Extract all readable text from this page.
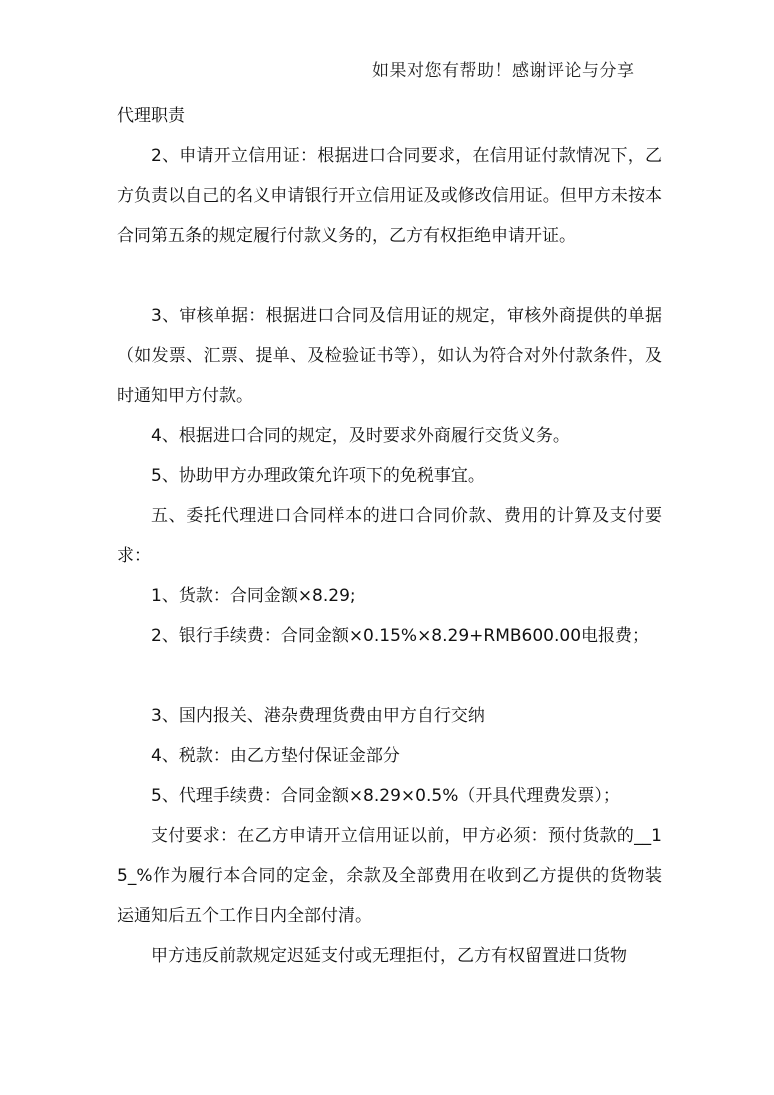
如果对您有帮助！感谢评论与分享

代理职责

2、申请开立信用证：根据进口合同要求，在信用证付款情况下，乙方负责以自己的名义申请银行开立信用证及或修改信用证。但甲方未按本合同第五条的规定履行付款义务的，乙方有权拒绝申请开证。

3、审核单据：根据进口合同及信用证的规定，审核外商提供的单据（如发票、汇票、提单、及检验证书等），如认为符合对外付款条件，及时通知甲方付款。

4、根据进口合同的规定，及时要求外商履行交货义务。

5、协助甲方办理政策允许项下的免税事宜。

五、委托代理进口合同样本的进口合同价款、费用的计算及支付要求：

1、货款：合同金额×8.29;

2、银行手续费：合同金额×0.15%×8.29+RMB600.00电报费；

3、国内报关、港杂费理货费由甲方自行交纳

4、税款：由乙方垫付保证金部分

5、代理手续费：合同金额×8.29×0.5%（开具代理费发票）；

支付要求：在乙方申请开立信用证以前，甲方必须：预付货款的__15_%作为履行本合同的定金，余款及全部费用在收到乙方提供的货物装运通知后五个工作日内全部付清。

甲方违反前款规定迟延支付或无理拒付，乙方有权留置进口货物
